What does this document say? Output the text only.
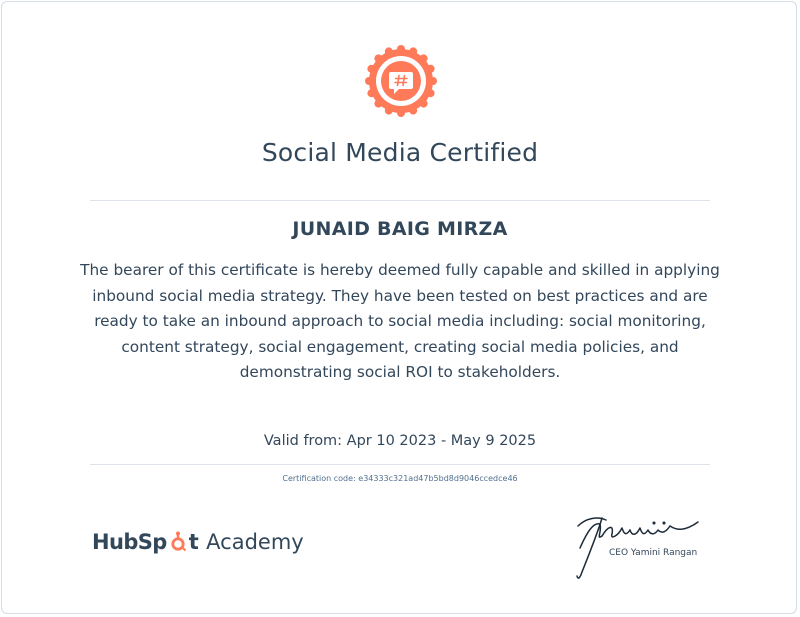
Social Media Certified
JUNAID BAIG MIRZA
The bearer of this certificate is hereby deemed fully capable and skilled in applying inbound social media strategy. They have been tested on best practices and are ready to take an inbound approach to social media including: social monitoring, content strategy, social engagement, creating social media policies, and demonstrating social ROI to stakeholders.
Valid from: Apr 10 2023 - May 9 2025
Certification code: e34333c321ad47b5bd8d9046ccedce46
HubSp t Academy	CEO Yamini Rangan
